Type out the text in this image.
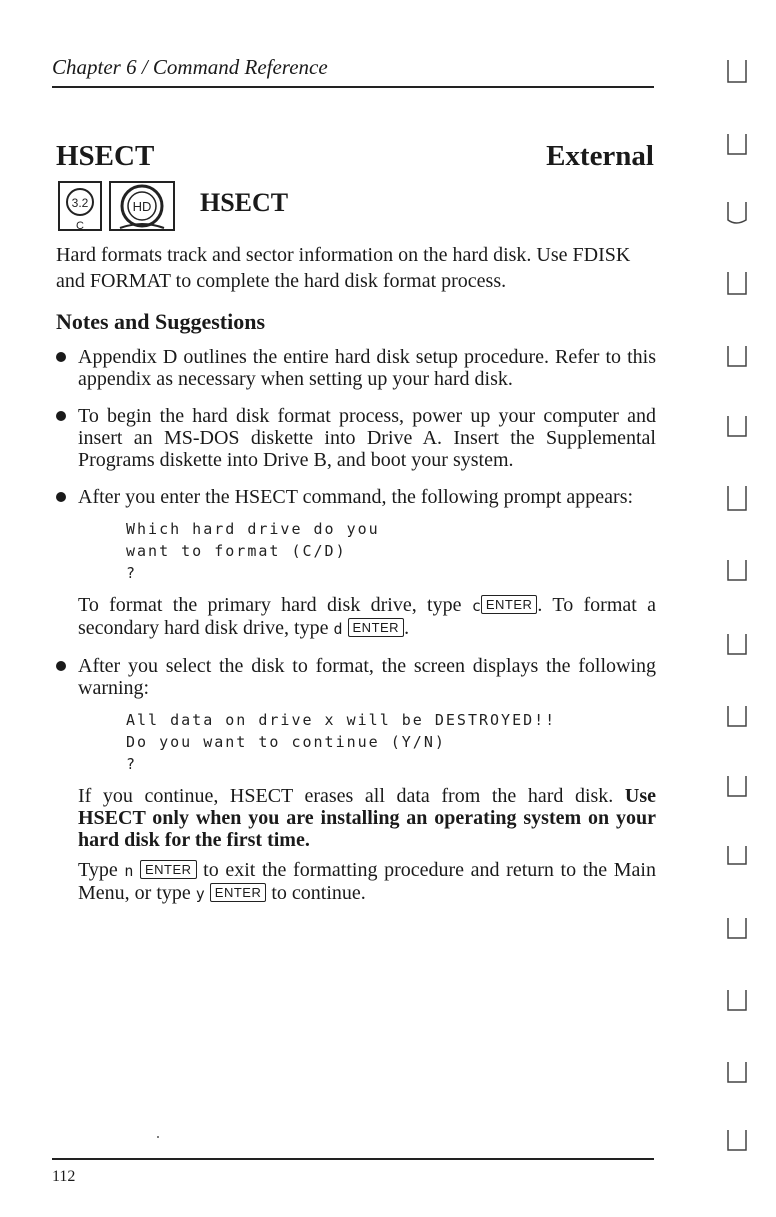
Chapter 6 / Command Reference
HSECT	External
3.2
C
HD HSECT
Hard formats track and sector information on the hard disk. Use FDISK and FORMAT to complete the hard disk format process.
Notes and Suggestions
Appendix D outlines the entire hard disk setup procedure. Refer to this appendix as necessary when setting up your hard disk.
To begin the hard disk format process, power up your computer and insert an MS-DOS diskette into Drive A. Insert the Supplemental Programs diskette into Drive B, and boot your system.
After you enter the HSECT command, the following prompt appears:
Which hard drive do you
want to format (C/D)
?
To format the primary hard disk drive, type c ENTER . To format a secondary hard disk drive, type d ENTER .
After you select the disk to format, the screen displays the following warning:
All data on drive x will be DESTROYED!!
Do you want to continue (Y/N)
?
If you continue, HSECT erases all data from the hard disk. Use HSECT only when you are installing an operating system on your hard disk for the first time.
Type n ENTER to exit the formatting procedure and return to the Main Menu, or type y ENTER to continue.
112
